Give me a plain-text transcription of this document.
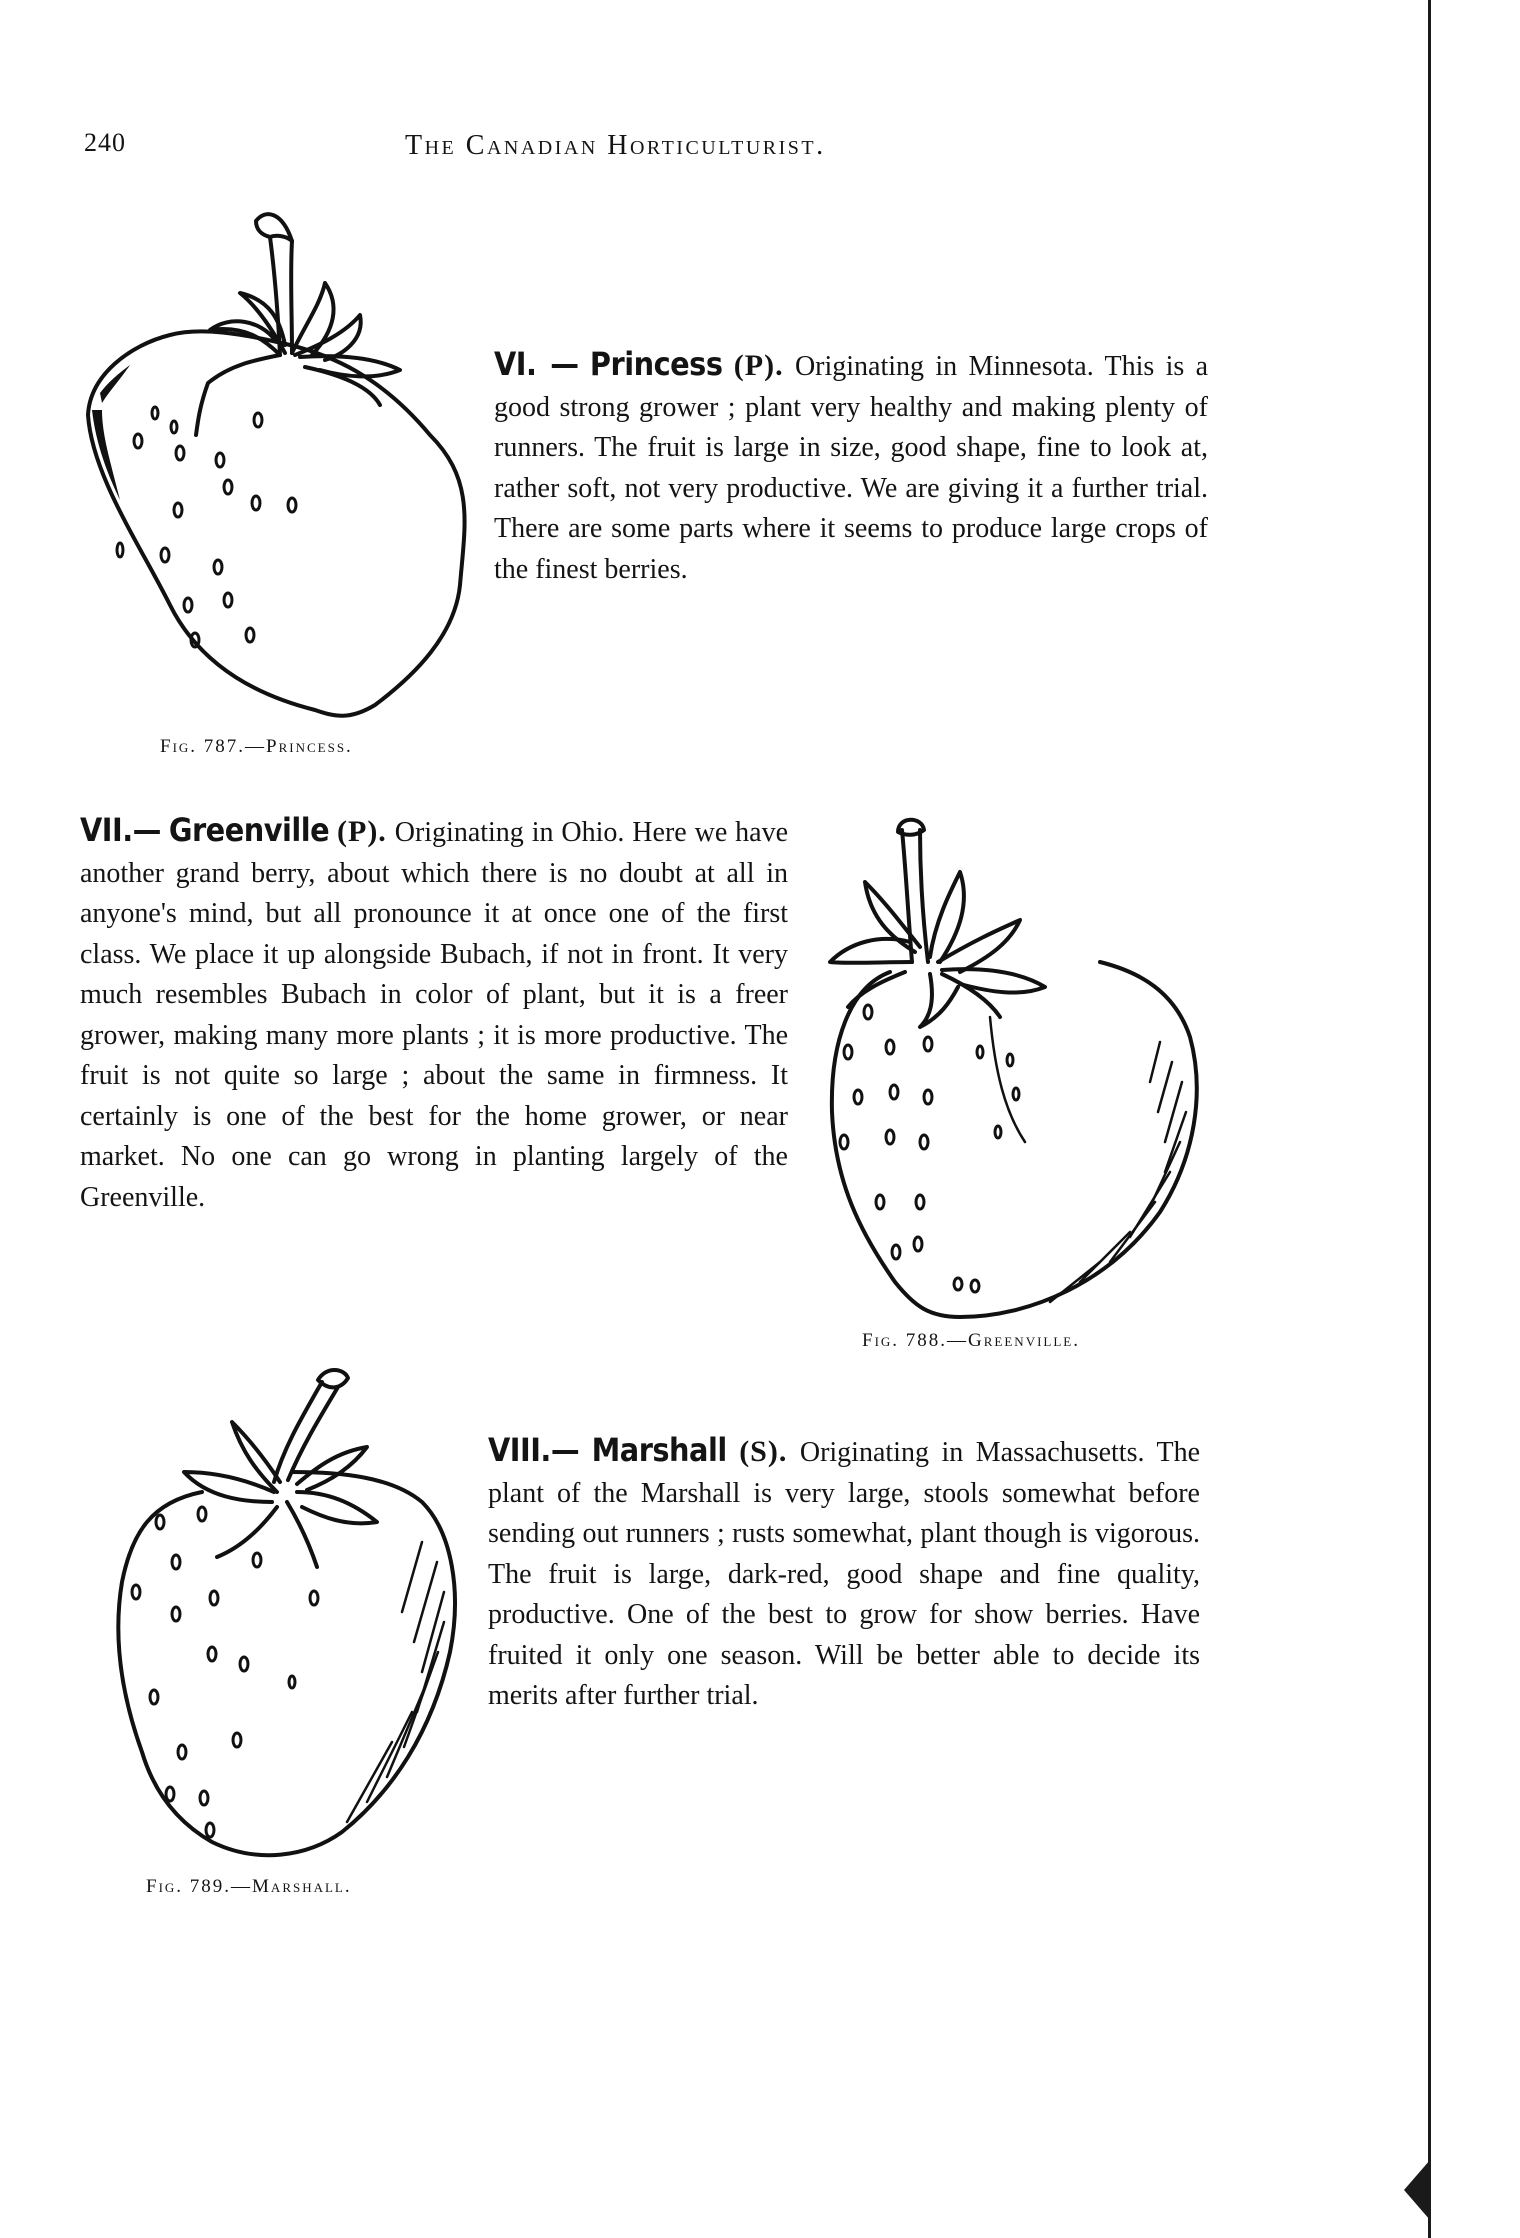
240	The Canadian Horticulturist.
Fig. 787.—Princess.

VI. — Princess (P). Originating in Minnesota. This is a good strong grower ; plant very healthy and making plenty of runners. The fruit is large in size, good shape, fine to look at, rather soft, not very productive. We are giving it a further trial. There are some parts where it seems to produce large crops of the finest berries.

VII.— Greenville (P). Originating in Ohio. Here we have another grand berry, about which there is no doubt at all in anyone's mind, but all pronounce it at once one of the first class. We place it up alongside Bubach, if not in front. It very much resembles Bubach in color of plant, but it is a freer grower, making many more plants ; it is more productive. The fruit is not quite so large ; about the same in firmness. It certainly is one of the best for the home grower, or near market. No one can go wrong in planting largely of the Greenville.

Fig. 788.—Greenville.
Fig. 789.—Marshall.

VIII.— Marshall (S). Originating in Massachusetts. The plant of the Marshall is very large, stools somewhat before sending out runners ; rusts somewhat, plant though is vigorous. The fruit is large, dark-red, good shape and fine quality, productive. One of the best to grow for show berries. Have fruited it only one season. Will be better able to decide its merits after further trial.
